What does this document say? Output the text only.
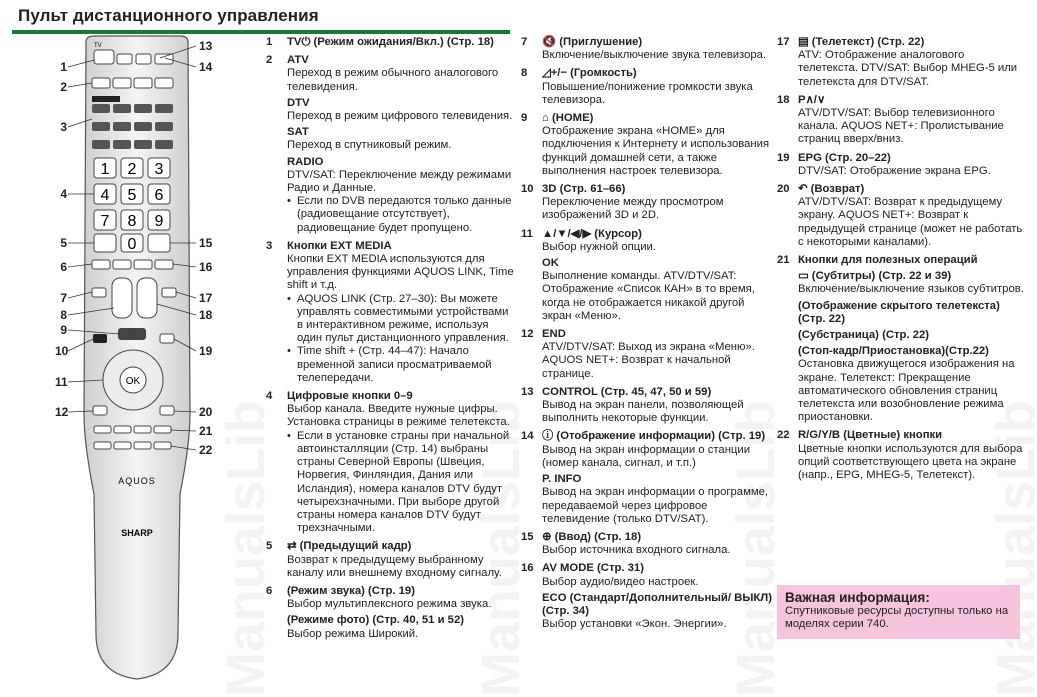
Пульт дистанционного управления
TV
1 2 3
4 5 6
7 8 9
0
OK
AQUOS
SHARP
1
2
3
4
5
6
7
8
9
10
11
12
13
14
15
16
17
18
19
20
21
22
1 TV⏻ (Режим ожидания/Вкл.) (Стр. 18)
2 ATV
Переход в режим обычного аналогового телевидения.
DTV
Переход в режим цифрового телевидения.
SAT
Переход в спутниковый режим.
RADIO
DTV/SAT: Переключение между режимами Радио и Данные.
• Если по DVB передаются только данные (радиовещание отсутствует), радиовещание будет пропущено.
3 Кнопки EXT MEDIA
Кнопки EXT MEDIA используются для управления функциями AQUOS LINK, Time shift и т.д.
• AQUOS LINK (Стр. 27–30): Вы можете управлять совместимыми устройствами в интерактивном режиме, используя один пульт дистанционного управления.
• Time shift + (Стр. 44–47): Начало временной записи просматриваемой телепередачи.
4 Цифровые кнопки 0–9
Выбор канала. Введите нужные цифры. Установка страницы в режиме телетекста.
• Если в установке страны при начальной автоинсталляции (Стр. 14) выбраны страны Северной Европы (Швеция, Норвегия, Финляндия, Дания или Исландия), номера каналов DTV будут четырехзначными. При выборе другой страны номера каналов DTV будут трехзначными.
5 ⇄ (Предыдущий кадр)
Возврат к предыдущему выбранному каналу или внешнему входному сигналу.
6 (Режим звука) (Стр. 19)
Выбор мультиплексного режима звука.
(Режиме фото) (Стр. 40, 51 и 52)
Выбор режима Широкий.
7 🔇 (Приглушение)
Включение/выключение звука телевизора.
8 ◿+/− (Громкость)
Повышение/понижение громкости звука телевизора.
9 ⌂ (HOME)
Отображение экрана «HOME» для подключения к Интернету и использования функций домашней сети, а также выполнения настроек телевизора.
10 3D (Стр. 61–66)
Переключение между просмотром изображений 3D и 2D.
11 ▲/▼/◀/▶ (Курсор)
Выбор нужной опции.
OK
Выполнение команды. ATV/DTV/SAT: Отображение «Список КАН» в то время, когда не отображается никакой другой экран «Меню».
12 END
ATV/DTV/SAT: Выход из экрана «Меню». AQUOS NET+: Возврат к начальной странице.
13 CONTROL (Стр. 45, 47, 50 и 59)
Вывод на экран панели, позволяющей выполнить некоторые функции.
14 ⓘ (Отображение информации) (Стр. 19)
Вывод на экран информации о станции (номер канала, сигнал, и т.п.)
P. INFO
Вывод на экран информации о программе, передаваемой через цифровое телевидение (только DTV/SAT).
15 ⊕ (Ввод) (Стр. 18)
Выбор источника входного сигнала.
16 AV MODE (Стр. 31)
Выбор аудио/видео настроек.
ECO (Стандарт/Дополнительный/ ВЫКЛ) (Стр. 34)
Выбор установки «Экон. Энергии».
17 ▤ (Телетекст) (Стр. 22)
ATV: Отображение аналогового телетекста. DTV/SAT: Выбор MHEG-5 или телетекста для DTV/SAT.
18 P∧/∨
ATV/DTV/SAT: Выбор телевизионного канала. AQUOS NET+: Пролистывание страниц вверх/вниз.
19 EPG (Стр. 20–22)
DTV/SAT: Отображение экрана EPG.
20 ↶ (Возврат)
ATV/DTV/SAT: Возврат к предыдущему экрану. AQUOS NET+: Возврат к предыдущей странице (может не работать с некоторыми каналами).
21 Кнопки для полезных операций
▭ (Субтитры) (Стр. 22 и 39)
Включение/выключение языков субтитров.
(Отображение скрытого телетекста) (Стр. 22)
(Субстраница) (Стр. 22)
(Стоп-кадр/Приостановка)(Стр.22)
Остановка движущегося изображения на экране. Телетекст: Прекращение автоматического обновления страниц телетекста или возобновление режима приостановки.
22 R/G/Y/B (Цветные) кнопки
Цветные кнопки используются для выбора опций соответствующего цвета на экране (напр., EPG, MHEG-5, Телетекст).
Важная информация:
Спутниковые ресурсы доступны только на моделях серии 740.
